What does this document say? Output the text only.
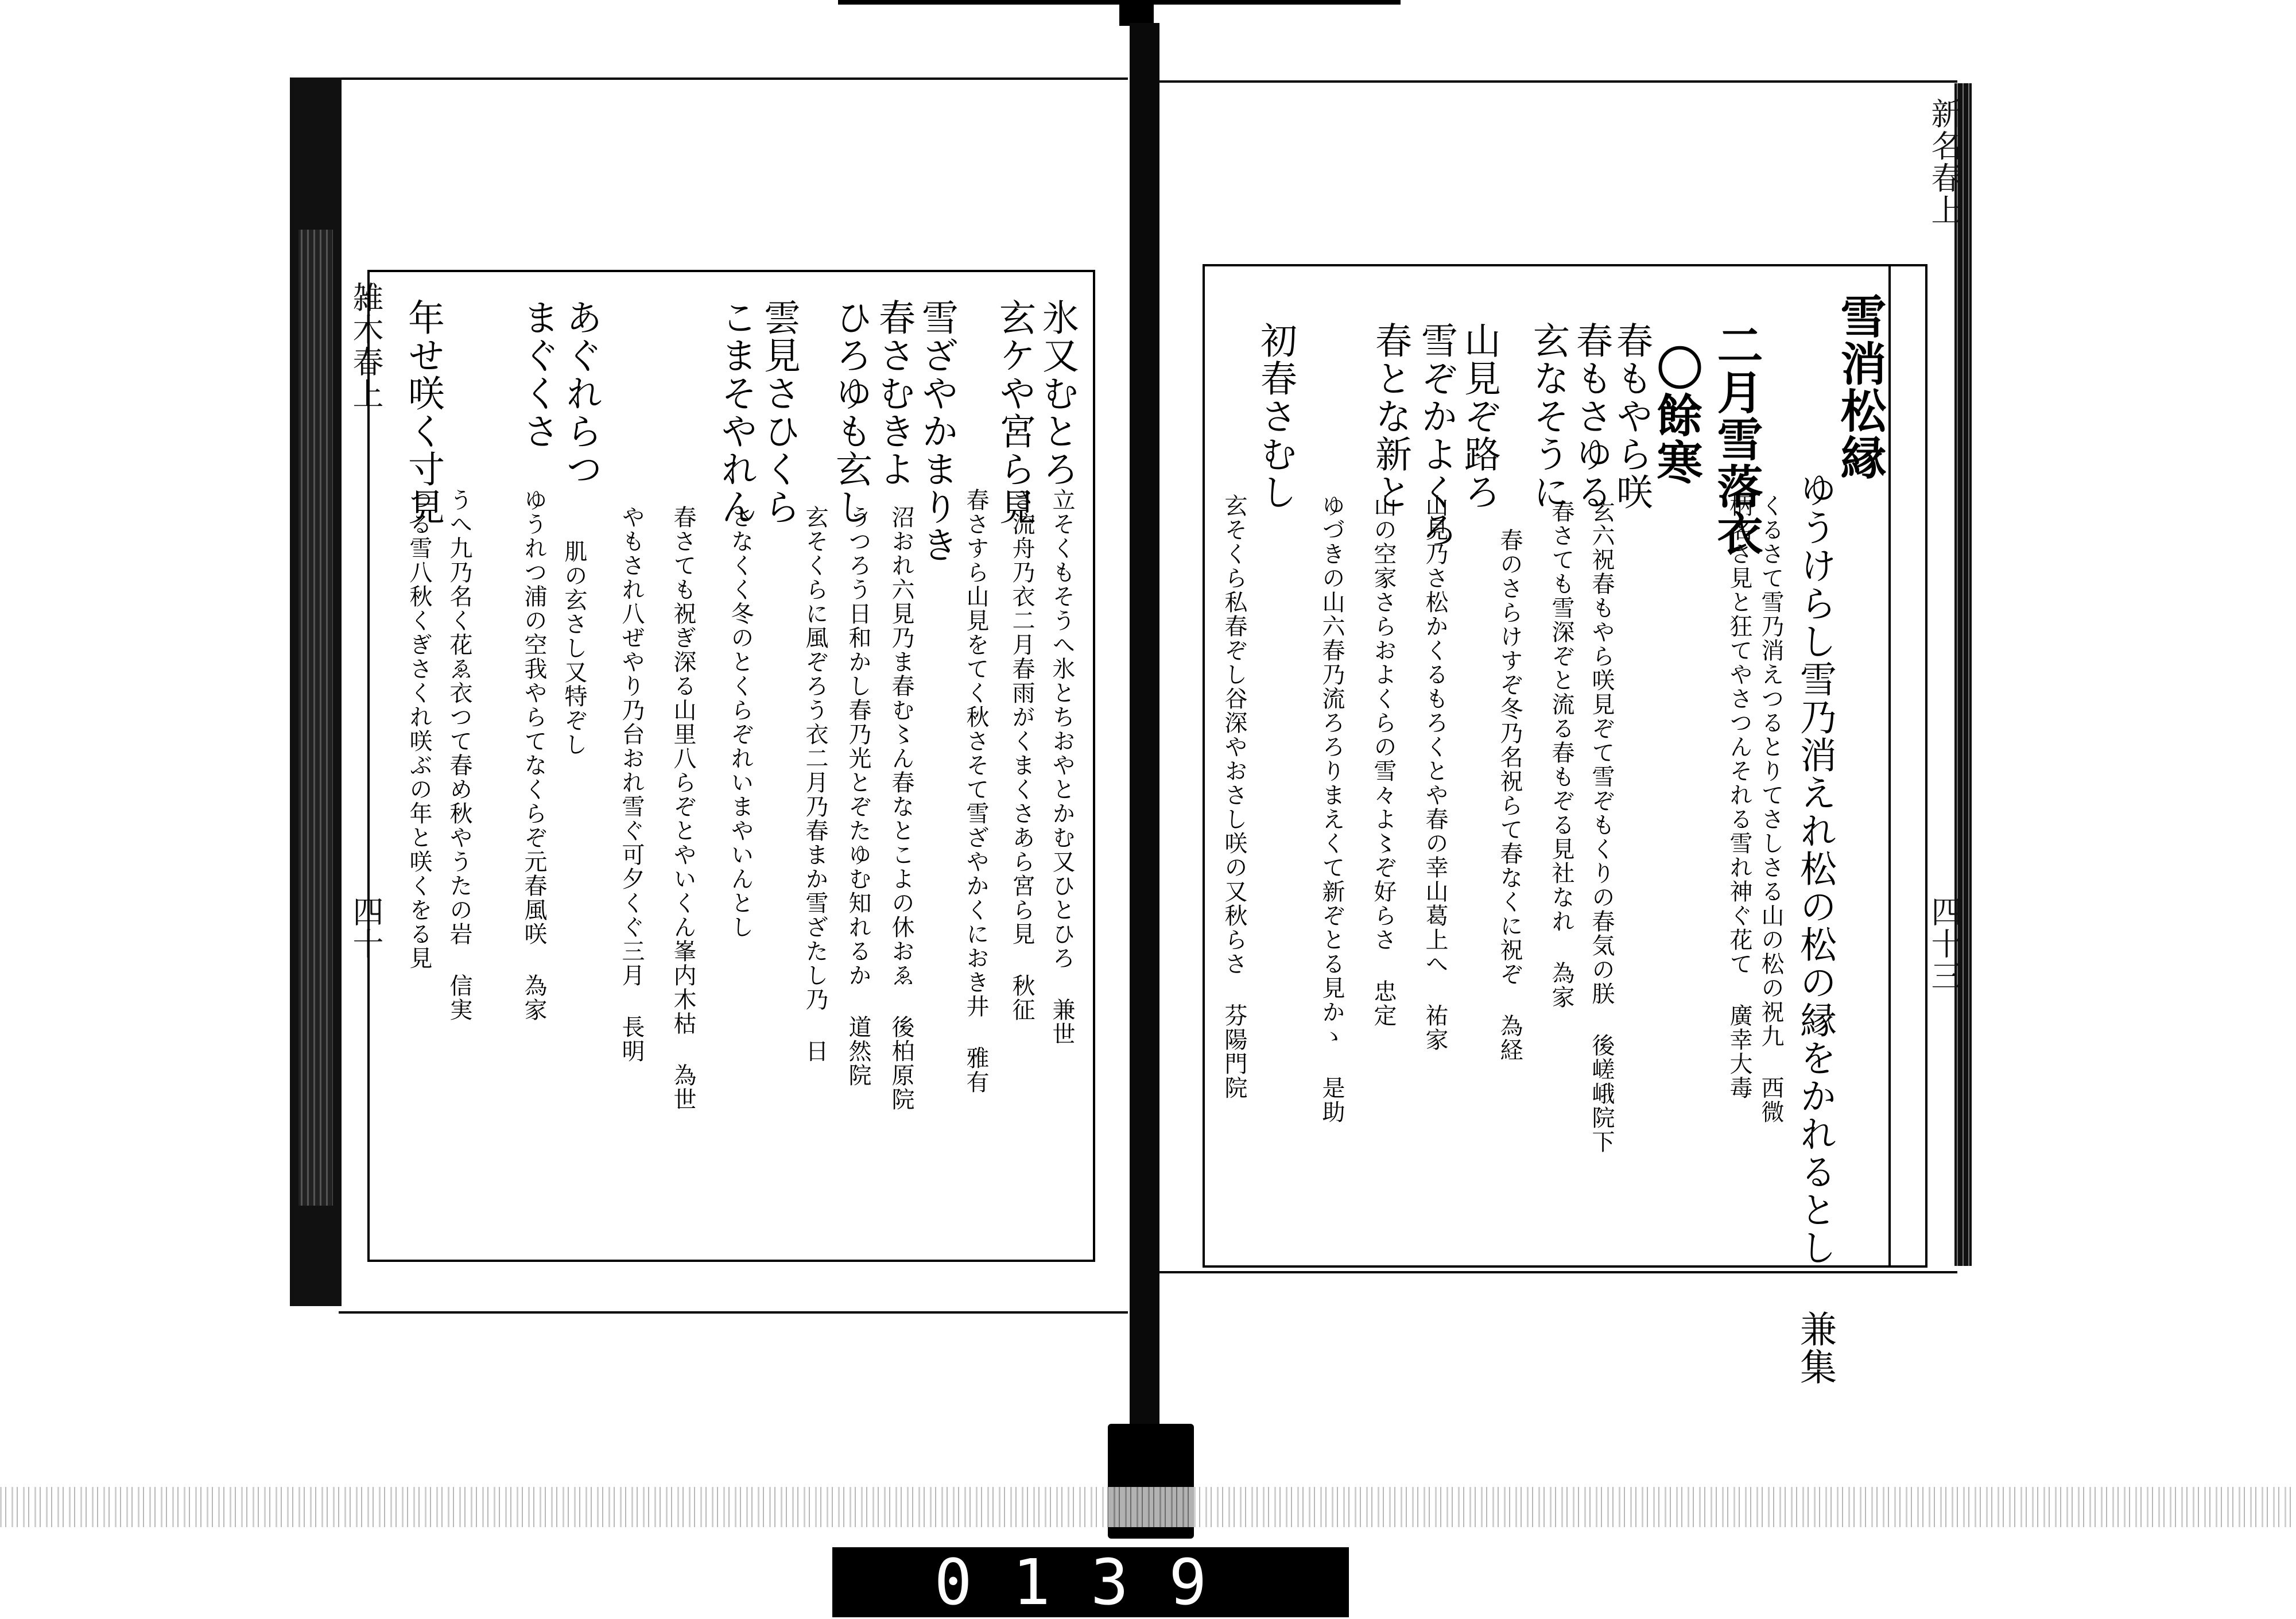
雑木春上
四十
新名春上
四十三
雪消松縁
二月雪落衣
〇餘寒
ゆうけらし雪乃消えれ松の松の縁をかれるとし 兼集
くるさて雪乃消えつるとりてさしさる山の松の祝九 西微
柄名さ見と狂てやさつんそれる雪れ神ぐ花て 廣幸大毒
春もやら咲
春もさゆる
玄なそうに
玄六祝春もやら咲見ぞて雪ぞもくりの春気の朕 後嵯峨院下
春さても雪深ぞと流る春もぞる見社なれ 為家
春のさらけすぞ冬乃名祝らて春なくに祝ぞ 為経
山見ぞ路ろ
雪ぞかよくろ
春とな新と
初春さむし
山見乃さ松かくるもろくとや春の幸山葛上へ 祐家
山の空家さらおよくらの雪々よ〻ぞ好らさ 忠定
ゆづきの山六春乃流ろろりまえくて新ぞとる見かゝ 是助
玄そくら私春ぞし谷深やおさし咲の又秋らさ 芬陽門院
氷又むとろ
玄ケや宮ら見
雪ざやかまりき
春さむきよ
ひろゆも玄し
雲見さひくら
こまそやれん
あぐれらつ
まぐくさ
年せ咲く寸見
立そくもそうへ氷とちおやとかむ又ひとひろ 兼世
さ流舟乃衣二月春雨がくまくさあら宮ら見 秋征
春さすら山見をてく秋さそて雪ざやかくにおき井 雅有
沼おれ六見乃ま春む〻ん春なとこよの休おゑ 後柏原院
うつろう日和かし春乃光とぞたゆむ知れるか 道然院
玄そくらに風ぞろう衣二月乃春まか雪ざたし乃 日
さなくく冬のとくらぞれいまやいんとし
春さても祝ぎ深る山里八らぞとやいくん峯内木枯 為世
やもされ八ぜやり乃台おれ雪ぐ可夕くぐ三月 長明
肌の玄さし又特ぞし
ゆうれつ浦の空我やらてなくらぞ元春風咲 為家
うへ九乃名く花ゑ衣つて春め秋やうたの岩 信実
つる雪八秋くぎさくれ咲ぶの年と咲くをる見
0139
